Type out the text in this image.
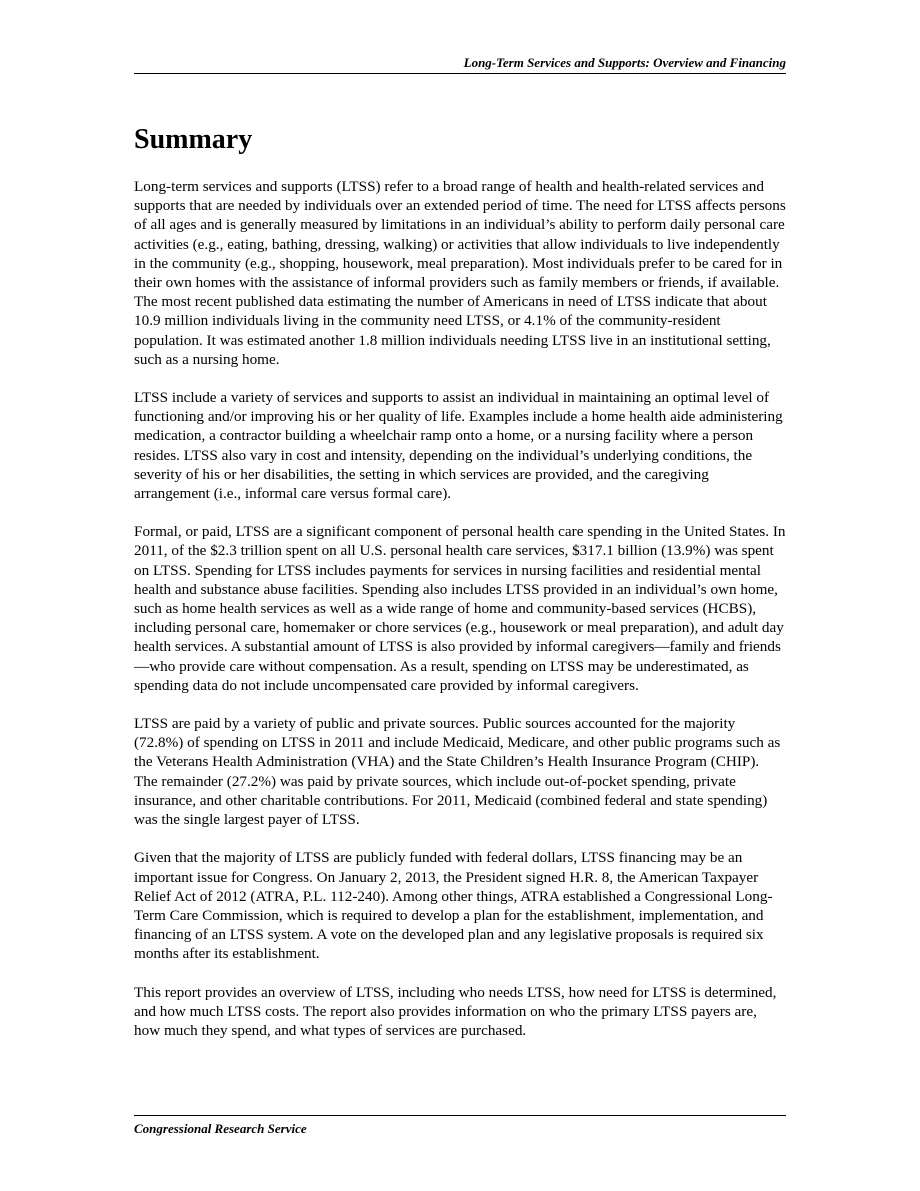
Long-Term Services and Supports: Overview and Financing
Summary

Long-term services and supports (LTSS) refer to a broad range of health and health-related services and supports that are needed by individuals over an extended period of time. The need for LTSS affects persons of all ages and is generally measured by limitations in an individual’s ability to perform daily personal care activities (e.g., eating, bathing, dressing, walking) or activities that allow individuals to live independently in the community (e.g., shopping, housework, meal preparation). Most individuals prefer to be cared for in their own homes with the assistance of informal providers such as family members or friends, if available. The most recent published data estimating the number of Americans in need of LTSS indicate that about 10.9 million individuals living in the community need LTSS, or 4.1% of the community-resident population. It was estimated another 1.8 million individuals needing LTSS live in an institutional setting, such as a nursing home.

LTSS include a variety of services and supports to assist an individual in maintaining an optimal level of functioning and/or improving his or her quality of life. Examples include a home health aide administering medication, a contractor building a wheelchair ramp onto a home, or a nursing facility where a person resides. LTSS also vary in cost and intensity, depending on the individual’s underlying conditions, the severity of his or her disabilities, the setting in which services are provided, and the caregiving arrangement (i.e., informal care versus formal care).

Formal, or paid, LTSS are a significant component of personal health care spending in the United States. In 2011, of the $2.3 trillion spent on all U.S. personal health care services, $317.1 billion (13.9%) was spent on LTSS. Spending for LTSS includes payments for services in nursing facilities and residential mental health and substance abuse facilities. Spending also includes LTSS provided in an individual’s own home, such as home health services as well as a wide range of home and community-based services (HCBS), including personal care, homemaker or chore services (e.g., housework or meal preparation), and adult day health services. A substantial amount of LTSS is also provided by informal caregivers—family and friends—who provide care without compensation. As a result, spending on LTSS may be underestimated, as spending data do not include uncompensated care provided by informal caregivers.

LTSS are paid by a variety of public and private sources. Public sources accounted for the majority (72.8%) of spending on LTSS in 2011 and include Medicaid, Medicare, and other public programs such as the Veterans Health Administration (VHA) and the State Children’s Health Insurance Program (CHIP). The remainder (27.2%) was paid by private sources, which include out-of-pocket spending, private insurance, and other charitable contributions. For 2011, Medicaid (combined federal and state spending) was the single largest payer of LTSS.

Given that the majority of LTSS are publicly funded with federal dollars, LTSS financing may be an important issue for Congress. On January 2, 2013, the President signed H.R. 8, the American Taxpayer Relief Act of 2012 (ATRA, P.L. 112-240). Among other things, ATRA established a Congressional Long-Term Care Commission, which is required to develop a plan for the establishment, implementation, and financing of an LTSS system. A vote on the developed plan and any legislative proposals is required six months after its establishment.

This report provides an overview of LTSS, including who needs LTSS, how need for LTSS is determined, and how much LTSS costs. The report also provides information on who the primary LTSS payers are, how much they spend, and what types of services are purchased.

Congressional Research Service
